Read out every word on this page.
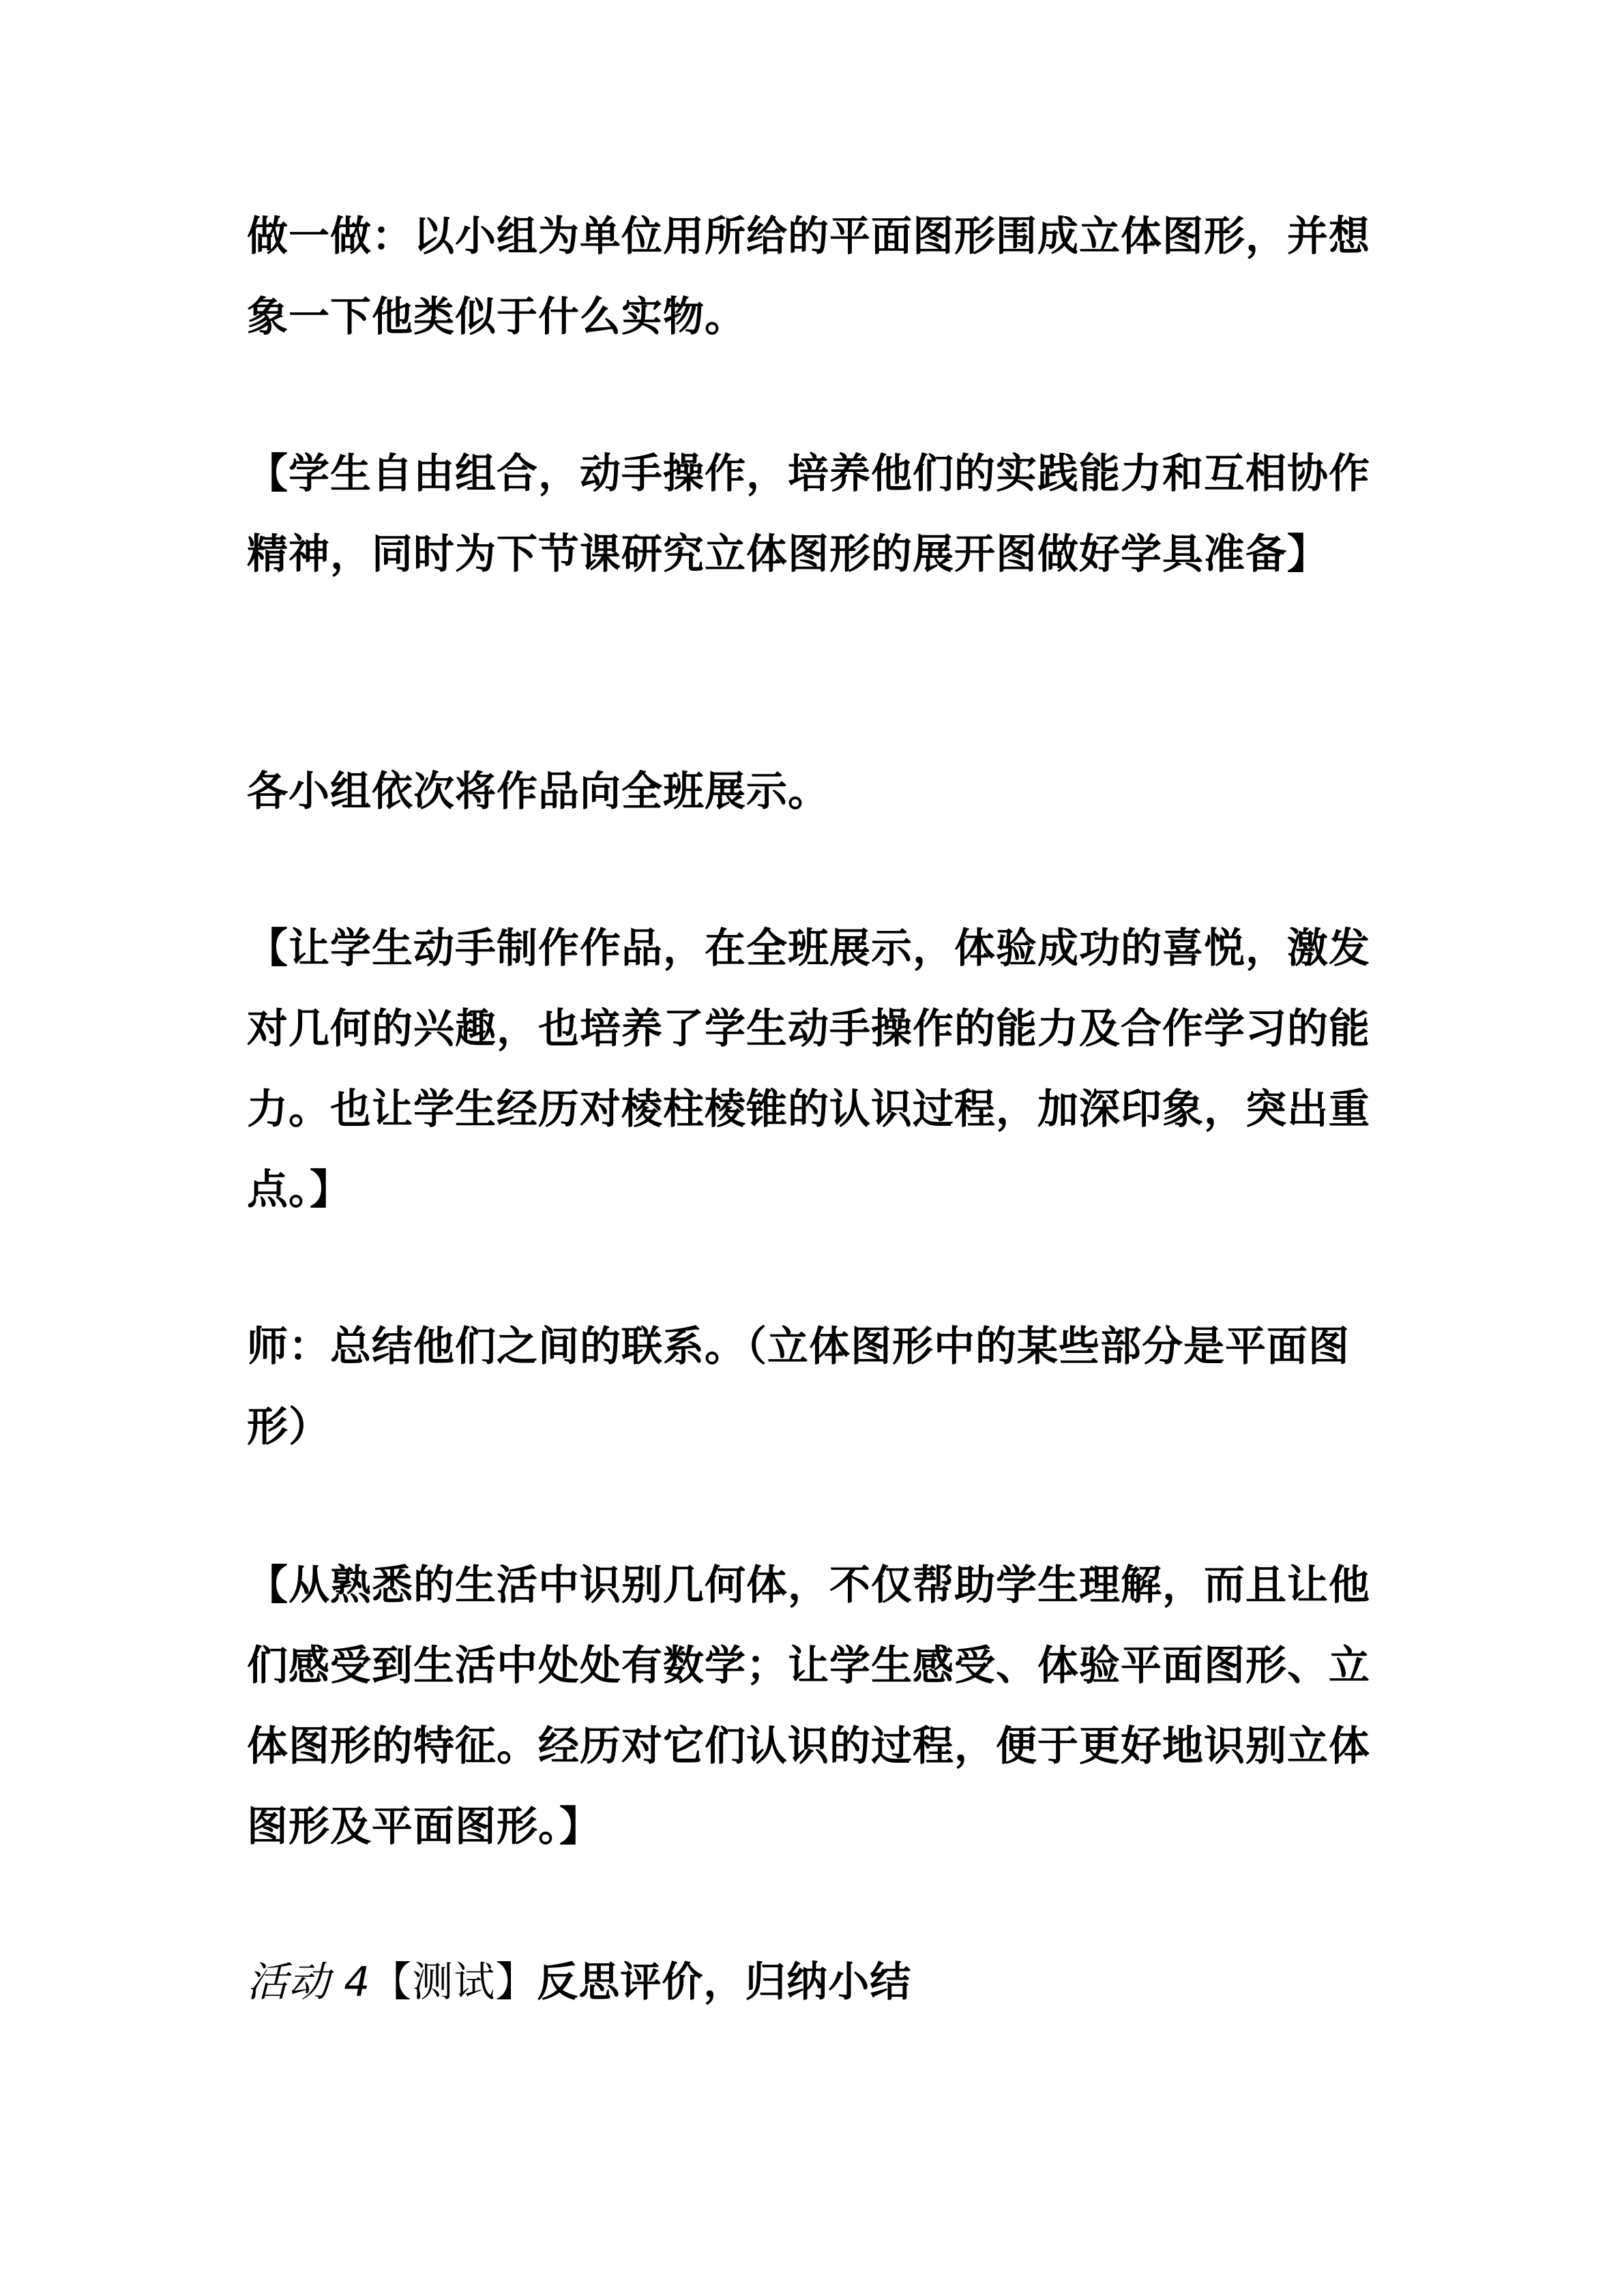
做一做：以小组为单位用所给的平面图形围成立体图形，并想象一下他类似于什么实物。

【学生自由组合，动手操作，培养他们的实践能力和互相协作精神，同时为下节课研究立体图形的展开图做好学具准备】

各小组依次将作品向全班展示。

【让学生动手制作作品，在全班展示，体验成功的喜悦，激发对几何的兴趣，也培养了学生动手操作的能力及合作学习的能力。也让学生经历对棱柱棱锥的认识过程，加深印象，突出重点。】

师：总结他们之间的联系。（立体图形中的某些部分是平面图形）

【从熟悉的生活中识别几何体，不仅帮助学生理解，而且让他们感受到生活中处处有数学；让学生感受、体验平面图形、立体图形的特征。经历对它们认识的过程，便于更好地识别立体图形及平面图形。】

活动 4【测试】反思评价，归纳小结
